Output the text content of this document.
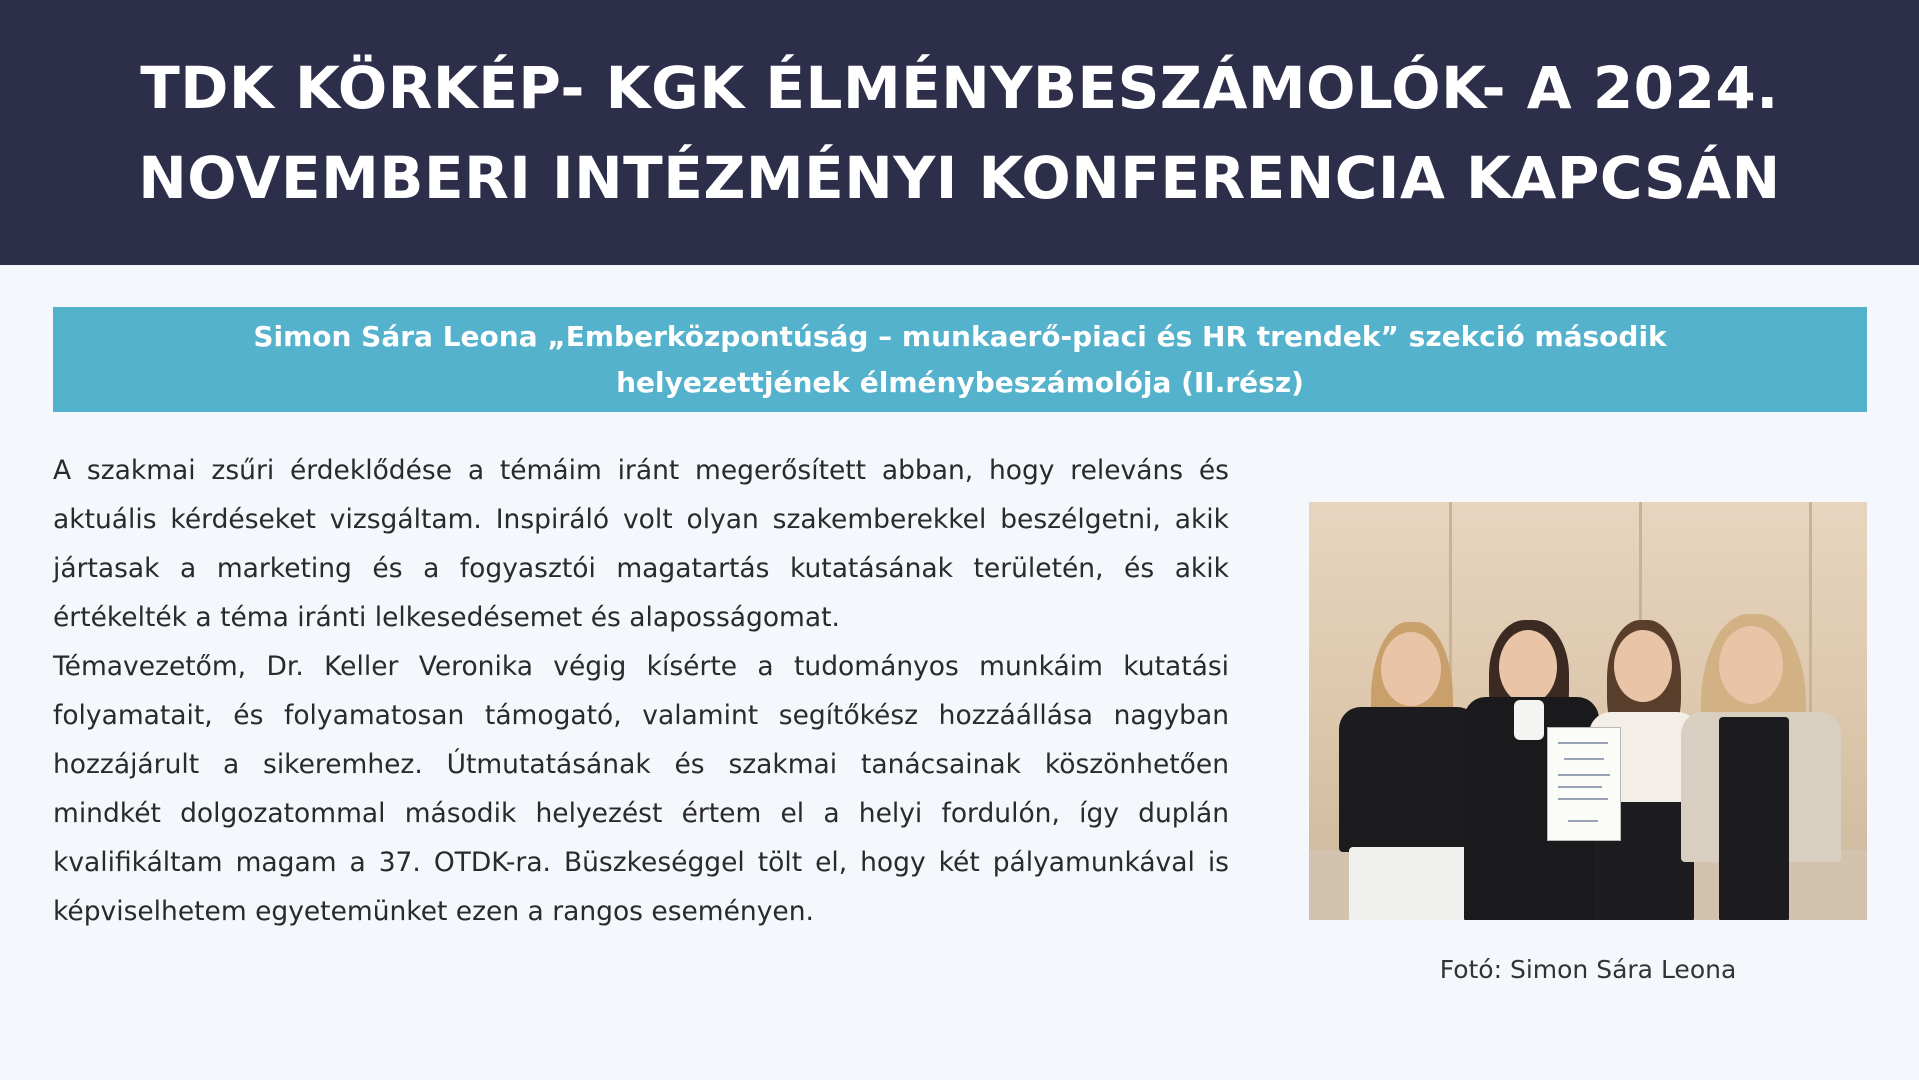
TDK KÖRKÉP- KGK ÉLMÉNYBESZÁMOLÓK- A 2024.
NOVEMBERI INTÉZMÉNYI KONFERENCIA KAPCSÁN
Simon Sára Leona „Emberközpontúság – munkaerő-piaci és HR trendek” szekció második
helyezettjének élménybeszámolója (II.rész)

A szakmai zsűri érdeklődése a témáim iránt megerősített abban, hogy releváns és aktuális kérdéseket vizsgáltam. Inspiráló volt olyan szakemberekkel beszélgetni, akik jártasak a marketing és a fogyasztói magatartás kutatásának területén, és akik értékelték a téma iránti lelkesedésemet és alaposságomat.

Témavezetőm, Dr. Keller Veronika végig kísérte a tudományos munkáim kutatási folyamatait, és folyamatosan támogató, valamint segítőkész hozzáállása nagyban hozzájárult a sikeremhez. Útmutatásának és szakmai tanácsainak köszönhetően mindkét dolgozatommal második helyezést értem el a helyi fordulón, így duplán kvalifikáltam magam a 37. OTDK-ra. Büszkeséggel tölt el, hogy két pályamunkával is képviselhetem egyetemünket ezen a rangos eseményen.

Fotó: Simon Sára Leona
